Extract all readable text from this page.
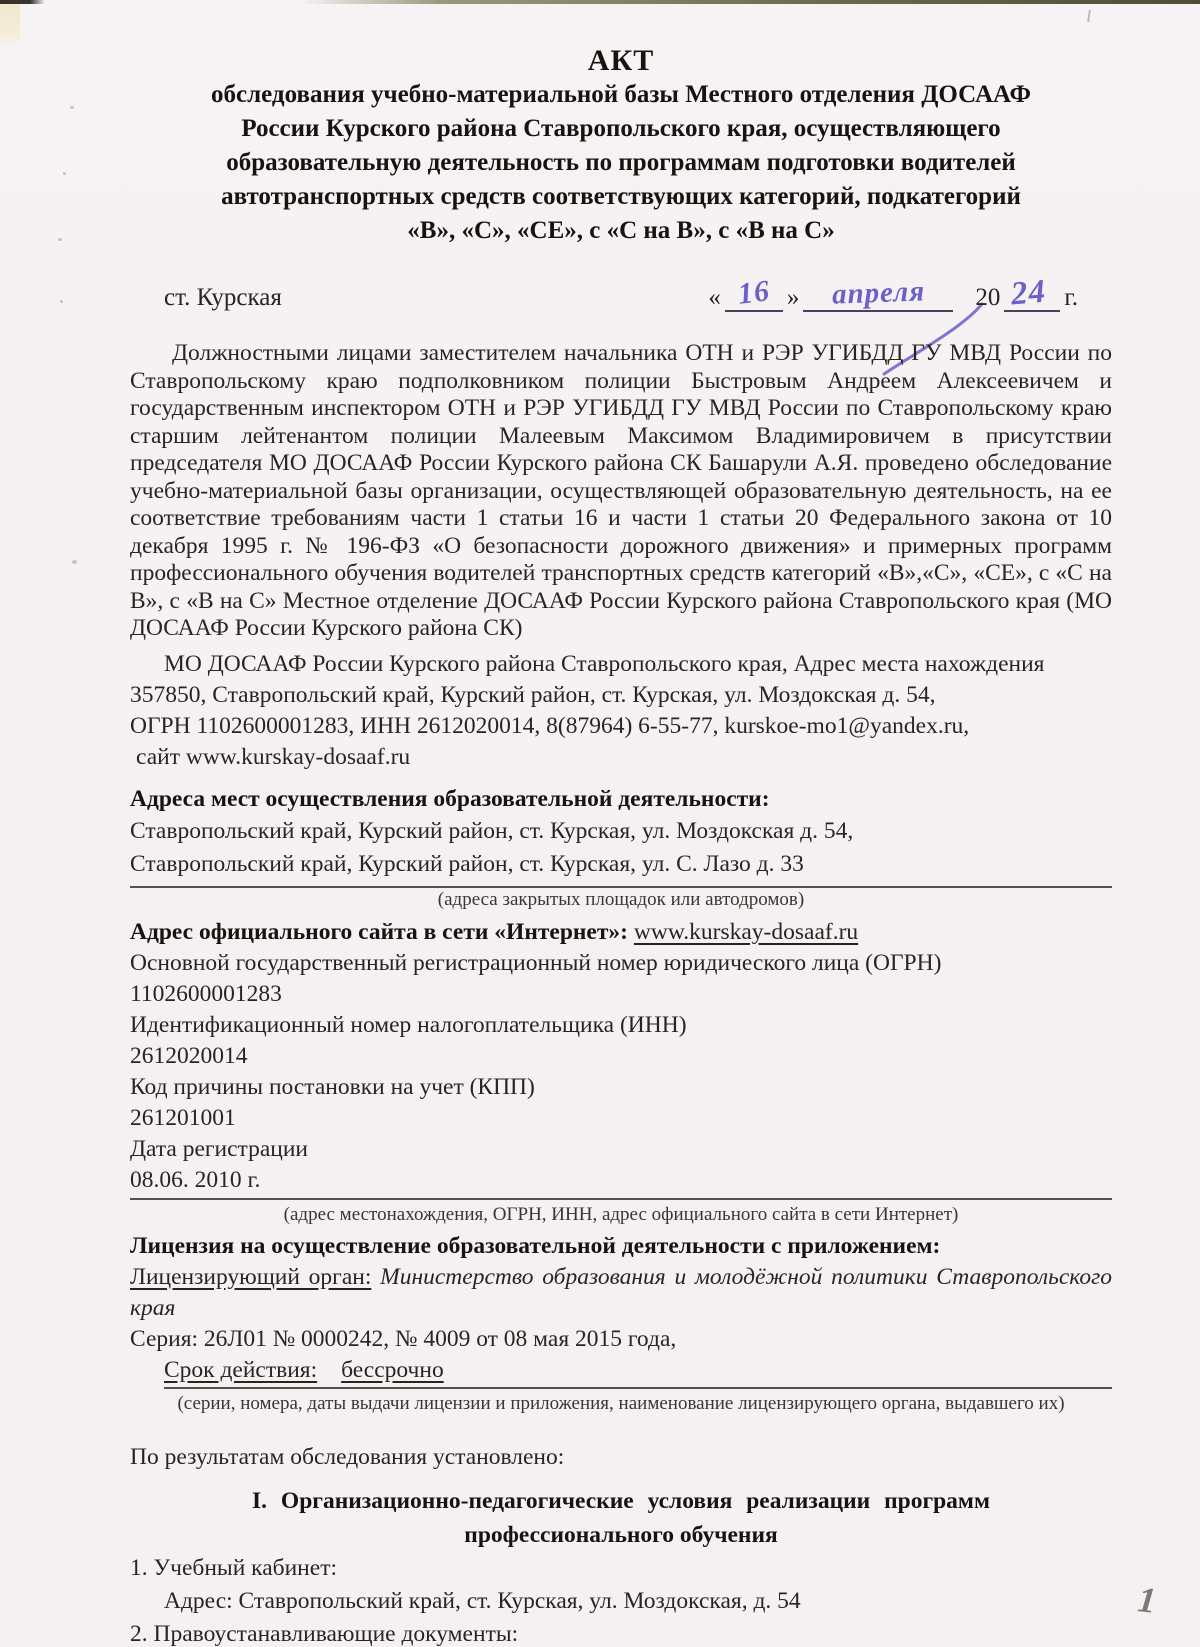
АКТ
обследования учебно-материальной базы Местного отделения ДОСААФ
России Курского района Ставропольского края, осуществляющего
образовательную деятельность по программам подготовки водителей
автотранспортных средств соответствующих категорий, подкатегорий
«В», «С», «СЕ», с «С на В», с «В на С»
ст. Курская	« 16 »	апреля	20 24 г.

Должностными лицами заместителем начальника ОТН и РЭР УГИБДД ГУ МВД России по Ставропольскому краю подполковником полиции Быстровым Андреем Алексеевичем и государственным инспектором ОТН и РЭР УГИБДД ГУ МВД России по Ставропольскому краю старшим лейтенантом полиции Малеевым Максимом Владимировичем в присутствии председателя МО ДОСААФ России Курского района СК Башарули А.Я. проведено обследование учебно-материальной базы организации, осуществляющей образовательную деятельность, на ее соответствие требованиям части 1 статьи 16 и части 1 статьи 20 Федерального закона от 10 декабря 1995 г. № 196-ФЗ «О безопасности дорожного движения» и примерных программ профессионального обучения водителей транспортных средств категорий «В»,«С», «СЕ», с «С на В», с «В на С» Местное отделение ДОСААФ России Курского района Ставропольского края (МО ДОСААФ России Курского района СК)

МО ДОСААФ России Курского района Ставропольского края, Адрес места нахождения
357850, Ставропольский край, Курский район, ст. Курская, ул. Моздокская д. 54,
ОГРН 1102600001283, ИНН 2612020014, 8(87964) 6-55-77, kurskoe-mo1@yandex.ru,
сайт www.kurskay-dosaaf.ru
Адреса мест осуществления образовательной деятельности:
Ставропольский край, Курский район, ст. Курская, ул. Моздокская д. 54,
Ставропольский край, Курский район, ст. Курская, ул. С. Лазо д. 33
(адреса закрытых площадок или автодромов)
Адрес официального сайта в сети «Интернет»: www.kurskay-dosaaf.ru
Основной государственный регистрационный номер юридического лица (ОГРН)
1102600001283
Идентификационный номер налогоплательщика (ИНН)
2612020014
Код причины постановки на учет (КПП)
261201001
Дата регистрации
08.06. 2010 г.
(адрес местонахождения, ОГРН, ИНН, адрес официального сайта в сети Интернет)
Лицензия на осуществление образовательной деятельности с приложением:
Лицензирующий орган: Министерство образования и молодёжной политики Ставропольского края
Серия: 26Л01 № 0000242, № 4009 от 08 мая 2015 года,
Срок действия: бессрочно
(серии, номера, даты выдачи лицензии и приложения, наименование лицензирующего органа, выдавшего их)
По результатам обследования установлено:
I. Организационно-педагогические условия реализации программ
профессионального обучения
1. Учебный кабинет:
Адрес: Ставропольский край, ст. Курская, ул. Моздокская, д. 54
2. Правоустанавливающие документы:
1
